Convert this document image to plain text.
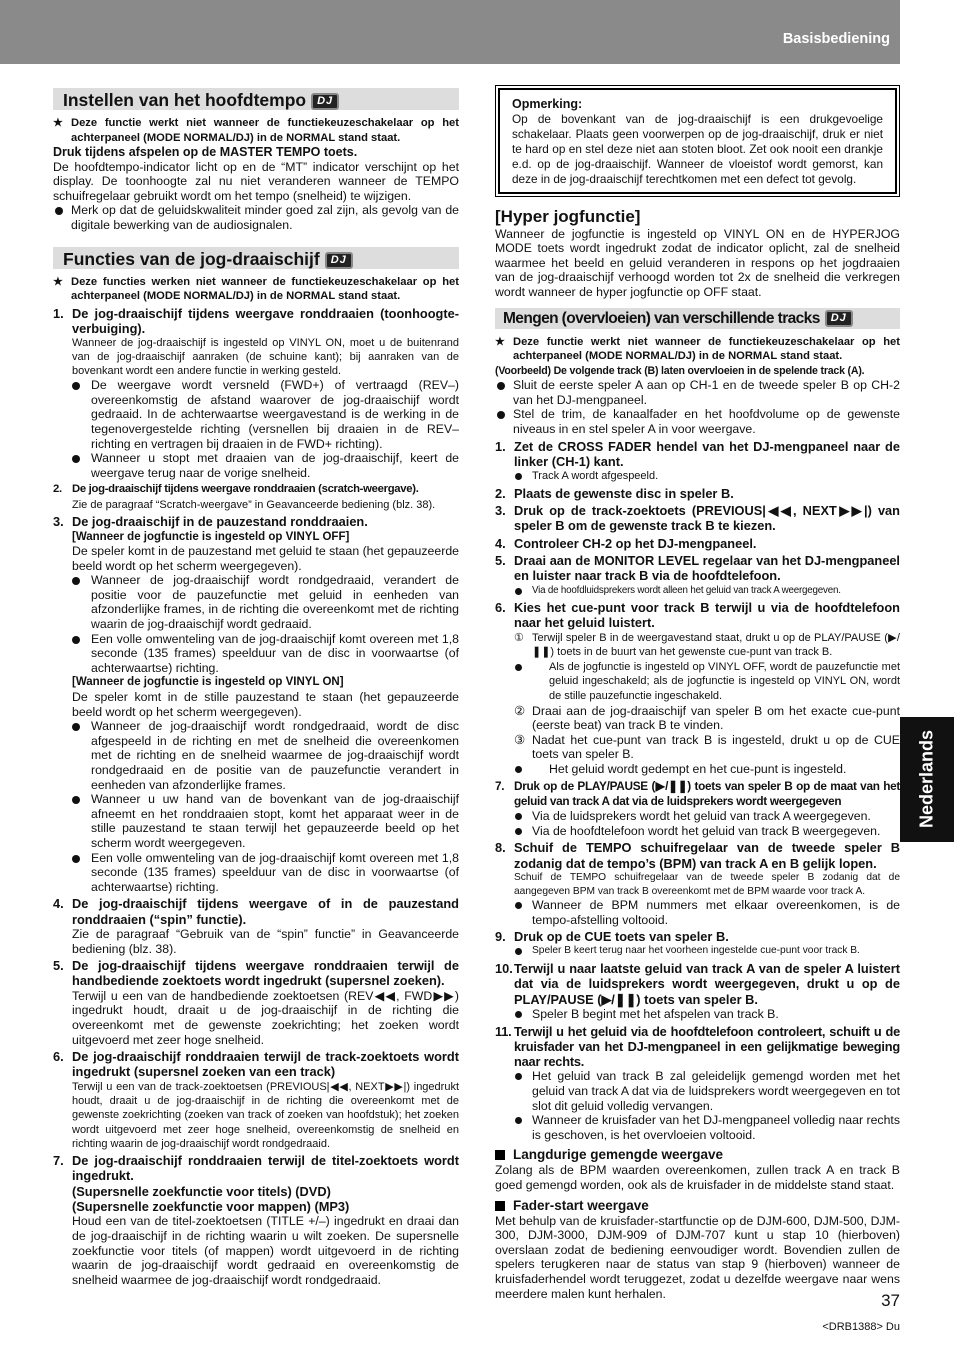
Basisbediening
Instellen van het hoofdtempo DJ
★ Deze functie werkt niet wanneer de functiekeuzeschakelaar op het achterpaneel (MODE NORMAL/DJ) in de NORMAL stand staat.
Druk tijdens afspelen op de MASTER TEMPO toets.
De hoofdtempo-indicator licht op en de “MT” indicator verschijnt op het display. De toonhoogte zal nu niet veranderen wanneer de TEMPO schuifregelaar gebruikt wordt om het tempo (snelheid) te wijzigen.
Merk op dat de geluidskwaliteit minder goed zal zijn, als gevolg van de digitale bewerking van de audiosignalen.
Functies van de jog-draaischijf DJ
★ Deze functies werken niet wanneer de functiekeuzeschakelaar op het achterpaneel (MODE NORMAL/DJ) in de NORMAL stand staat.
1. De jog-draaischijf tijdens weergave ronddraaien (toonhoogte-verbuiging).
Wanneer de jog-draaischijf is ingesteld op VINYL ON, moet u de buitenrand van de jog-draaischijf aanraken (de schuine kant); bij aanraken van de bovenkant wordt een andere functie in werking gesteld.
De weergave wordt versneld (FWD+) of vertraagd (REV–) overeenkomstig de afstand waarover de jog-draaischijf wordt gedraaid. In de achterwaartse weergavestand is de werking in de tegenovergestelde richting (versnellen bij draaien in de REV– richting en vertragen bij draaien in de FWD+ richting).
Wanneer u stopt met draaien van de jog-draaischijf, keert de weergave terug naar de vorige snelheid.
2. De jog-draaischijf tijdens weergave ronddraaien (scratch-weergave).
Zie de paragraaf “Scratch-weergave” in Geavanceerde bediening (blz. 38).
3. De jog-draaischijf in de pauzestand ronddraaien.
[Wanneer de jogfunctie is ingesteld op VINYL OFF]
De speler komt in de pauzestand met geluid te staan (het gepauzeerde beeld wordt op het scherm weergegeven).
Wanneer de jog-draaischijf wordt rondgedraaid, verandert de positie voor de pauzefunctie met geluid in eenheden van afzonderlijke frames, in de richting die overeenkomt met de richting waarin de jog-draaischijf wordt gedraaid.
Een volle omwenteling van de jog-draaischijf komt overeen met 1,8 seconde (135 frames) speelduur van de disc in voorwaartse (of achterwaartse) richting.
[Wanneer de jogfunctie is ingesteld op VINYL ON]
De speler komt in de stille pauzestand te staan (het gepauzeerde beeld wordt op het scherm weergegeven).
Wanneer de jog-draaischijf wordt rondgedraaid, wordt de disc afgespeeld in de richting en met de snelheid die overeenkomen met de richting en de snelheid waarmee de jog-draaischijf wordt rondgedraaid en de positie van de pauzefunctie verandert in eenheden van afzonderlijke frames.
Wanneer u uw hand van de bovenkant van de jog-draaischijf afneemt en het ronddraaien stopt, komt het apparaat weer in de stille pauzestand te staan terwijl het gepauzeerde beeld op het scherm wordt weergegeven.
Een volle omwenteling van de jog-draaischijf komt overeen met 1,8 seconde (135 frames) speelduur van de disc in voorwaartse (of achterwaartse) richting.
4. De jog-draaischijf tijdens weergave of in de pauzestand ronddraaien (“spin” functie).
Zie de paragraaf “Gebruik van de “spin” functie” in Geavanceerde bediening (blz. 38).
5. De jog-draaischijf tijdens weergave ronddraaien terwijl de handbediende zoektoets wordt ingedrukt (supersnel zoeken).
Terwijl u een van de handbediende zoektoetsen (REV◀◀, FWD▶▶) ingedrukt houdt, draait u de jog-draaischijf in de richting die overeenkomt met de gewenste zoekrichting; het zoeken wordt uitgevoerd met zeer hoge snelheid.
6. De jog-draaischijf ronddraaien terwijl de track-zoektoets wordt ingedrukt (supersnel zoeken van een track)
Terwijl u een van de track-zoektoetsen (PREVIOUS|◀◀, NEXT▶▶|) ingedrukt houdt, draait u de jog-draaischijf in de richting die overeenkomt met de gewenste zoekrichting (zoeken van track of zoeken van hoofdstuk); het zoeken wordt uitgevoerd met zeer hoge snelheid, overeenkomstig de snelheid en richting waarin de jog-draaischijf wordt rondgedraaid.
7. De jog-draaischijf ronddraaien terwijl de titel-zoektoets wordt ingedrukt.
(Supersnelle zoekfunctie voor titels) (DVD)
(Supersnelle zoekfunctie voor mappen) (MP3)
Houd een van de titel-zoektoetsen (TITLE +/–) ingedrukt en draai dan de jog-draaischijf in de richting waarin u wilt zoeken. De supersnelle zoekfunctie voor titels (of mappen) wordt uitgevoerd in de richting waarin de jog-draaischijf wordt gedraaid en overeenkomstig de snelheid waarmee de jog-draaischijf wordt rondgedraaid.
Opmerking:
Op de bovenkant van de jog-draaischijf is een drukgevoelige schakelaar. Plaats geen voorwerpen op de jog-draaischijf, druk er niet te hard op en stel deze niet aan stoten bloot. Zet ook nooit een drankje e.d. op de jog-draaischijf. Wanneer de vloeistof wordt gemorst, kan deze in de jog-draaischijf terechtkomen met een defect tot gevolg.
[Hyper jogfunctie]
Wanneer de jogfunctie is ingesteld op VINYL ON en de HYPERJOG MODE toets wordt ingedrukt zodat de indicator oplicht, zal de snelheid waarmee het beeld en geluid veranderen in respons op het jogdraaien van de jog-draaischijf verhoogd worden tot 2x de snelheid die verkregen wordt wanneer de hyper jogfunctie op OFF staat.
Mengen (overvloeien) van verschillende tracks DJ
★ Deze functie werkt niet wanneer de functiekeuzeschakelaar op het achterpaneel (MODE NORMAL/DJ) in de NORMAL stand staat.
(Voorbeeld) De volgende track (B) laten overvloeien in de spelende track (A).
Sluit de eerste speler A aan op CH-1 en de tweede speler B op CH-2 van het DJ-mengpaneel.
Stel de trim, de kanaalfader en het hoofdvolume op de gewenste niveaus in en stel speler A in voor weergave.
1. Zet de CROSS FADER hendel van het DJ-mengpaneel naar de linker (CH-1) kant.
Track A wordt afgespeeld.
2. Plaats de gewenste disc in speler B.
3. Druk op de track-zoektoets (PREVIOUS|◀◀, NEXT▶▶|) van speler B om de gewenste track B te kiezen.
4. Controleer CH-2 op het DJ-mengpaneel.
5. Draai aan de MONITOR LEVEL regelaar van het DJ-mengpaneel en luister naar track B via de hoofdtelefoon.
Via de hoofdluidsprekers wordt alleen het geluid van track A weergegeven.
6. Kies het cue-punt voor track B terwijl u via de hoofdtelefoon naar het geluid luistert.
① Terwijl speler B in de weergavestand staat, drukt u op de PLAY/PAUSE (▶/❚❚) toets in de buurt van het gewenste cue-punt van track B.
Als de jogfunctie is ingesteld op VINYL OFF, wordt de pauzefunctie met geluid ingeschakeld; als de jogfunctie is ingesteld op VINYL ON, wordt de stille pauzefunctie ingeschakeld.
② Draai aan de jog-draaischijf van speler B om het exacte cue-punt (eerste beat) van track B te vinden.
③ Nadat het cue-punt van track B is ingesteld, drukt u op de CUE toets van speler B.
Het geluid wordt gedempt en het cue-punt is ingesteld.
7. Druk op de PLAY/PAUSE (▶/❚❚) toets van speler B op de maat van het geluid van track A dat via de luidsprekers wordt weergegeven
Via de luidsprekers wordt het geluid van track A weergegeven.
Via de hoofdtelefoon wordt het geluid van track B weergegeven.
8. Schuif de TEMPO schuifregelaar van de tweede speler B zodanig dat de tempo’s (BPM) van track A en B gelijk lopen.
Schuif de TEMPO schuifregelaar van de tweede speler B zodanig dat de aangegeven BPM van track B overeenkomt met de BPM waarde voor track A.
Wanneer de BPM nummers met elkaar overeenkomen, is de tempo-afstelling voltooid.
9. Druk op de CUE toets van speler B.
Speler B keert terug naar het voorheen ingestelde cue-punt voor track B.
10. Terwijl u naar laatste geluid van track A van de speler A luistert dat via de luidsprekers wordt weergegeven, drukt u op de PLAY/PAUSE (▶/❚❚) toets van speler B.
Speler B begint met het afspelen van track B.
11. Terwijl u het geluid via de hoofdtelefoon controleert, schuift u de kruisfader van het DJ-mengpaneel in een gelijkmatige beweging naar rechts.
Het geluid van track B zal geleidelijk gemengd worden met het geluid van track A dat via de luidsprekers wordt weergegeven en tot slot dit geluid volledig vervangen.
Wanneer de kruisfader van het DJ-mengpaneel volledig naar rechts is geschoven, is het overvloeien voltooid.
Langdurige gemengde weergave
Zolang als de BPM waarden overeenkomen, zullen track A en track B goed gemengd worden, ook als de kruisfader in de middelste stand staat.
Fader-start weergave
Met behulp van de kruisfader-startfunctie op de DJM-600, DJM-500, DJM-300, DJM-3000, DJM-909 of DJM-707 kunt u stap 10 (hierboven) overslaan zodat de bediening eenvoudiger wordt. Bovendien zullen de spelers terugkeren naar de status van stap 9 (hierboven) wanneer de kruisfaderhendel wordt teruggezet, zodat u dezelfde weergave naar wens meerdere malen kunt herhalen.
Nederlands
37
<DRB1388> Du
